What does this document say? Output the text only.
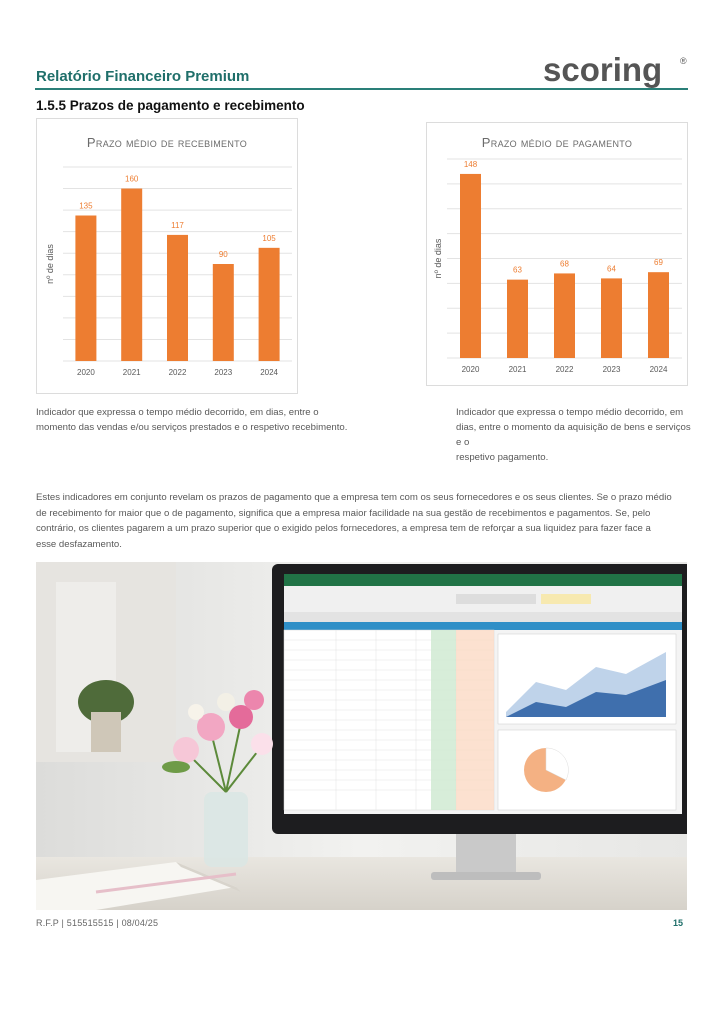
Relatório Financeiro Premium	scoring ®
1.5.5 Prazos de pagamento e recebimento
Prazo médio de recebimento
nº de dias
135
2020
160
2021
117
2022
90
2023
105
2024
Prazo médio de pagamento
nº de dias
148
2020
63
2021
68
2022
64
2023
69
2024
Indicador que expressa o tempo médio decorrido, em dias, entre o
momento das vendas e/ou serviços prestados e o respetivo recebimento.
Indicador que expressa o tempo médio decorrido, em
dias, entre o momento da aquisição de bens e serviços e o
respetivo pagamento.
Estes indicadores em conjunto revelam os prazos de pagamento que a empresa tem com os seus fornecedores e os seus clientes. Se o prazo médio
de recebimento for maior que o de pagamento, significa que a empresa maior facilidade na sua gestão de recebimentos e pagamentos. Se, pelo
contrário, os clientes pagarem a um prazo superior que o exigido pelos fornecedores, a empresa tem de reforçar a sua liquidez para fazer face a
esse desfazamento.
R.F.P | 515515515 | 08/04/25	15
